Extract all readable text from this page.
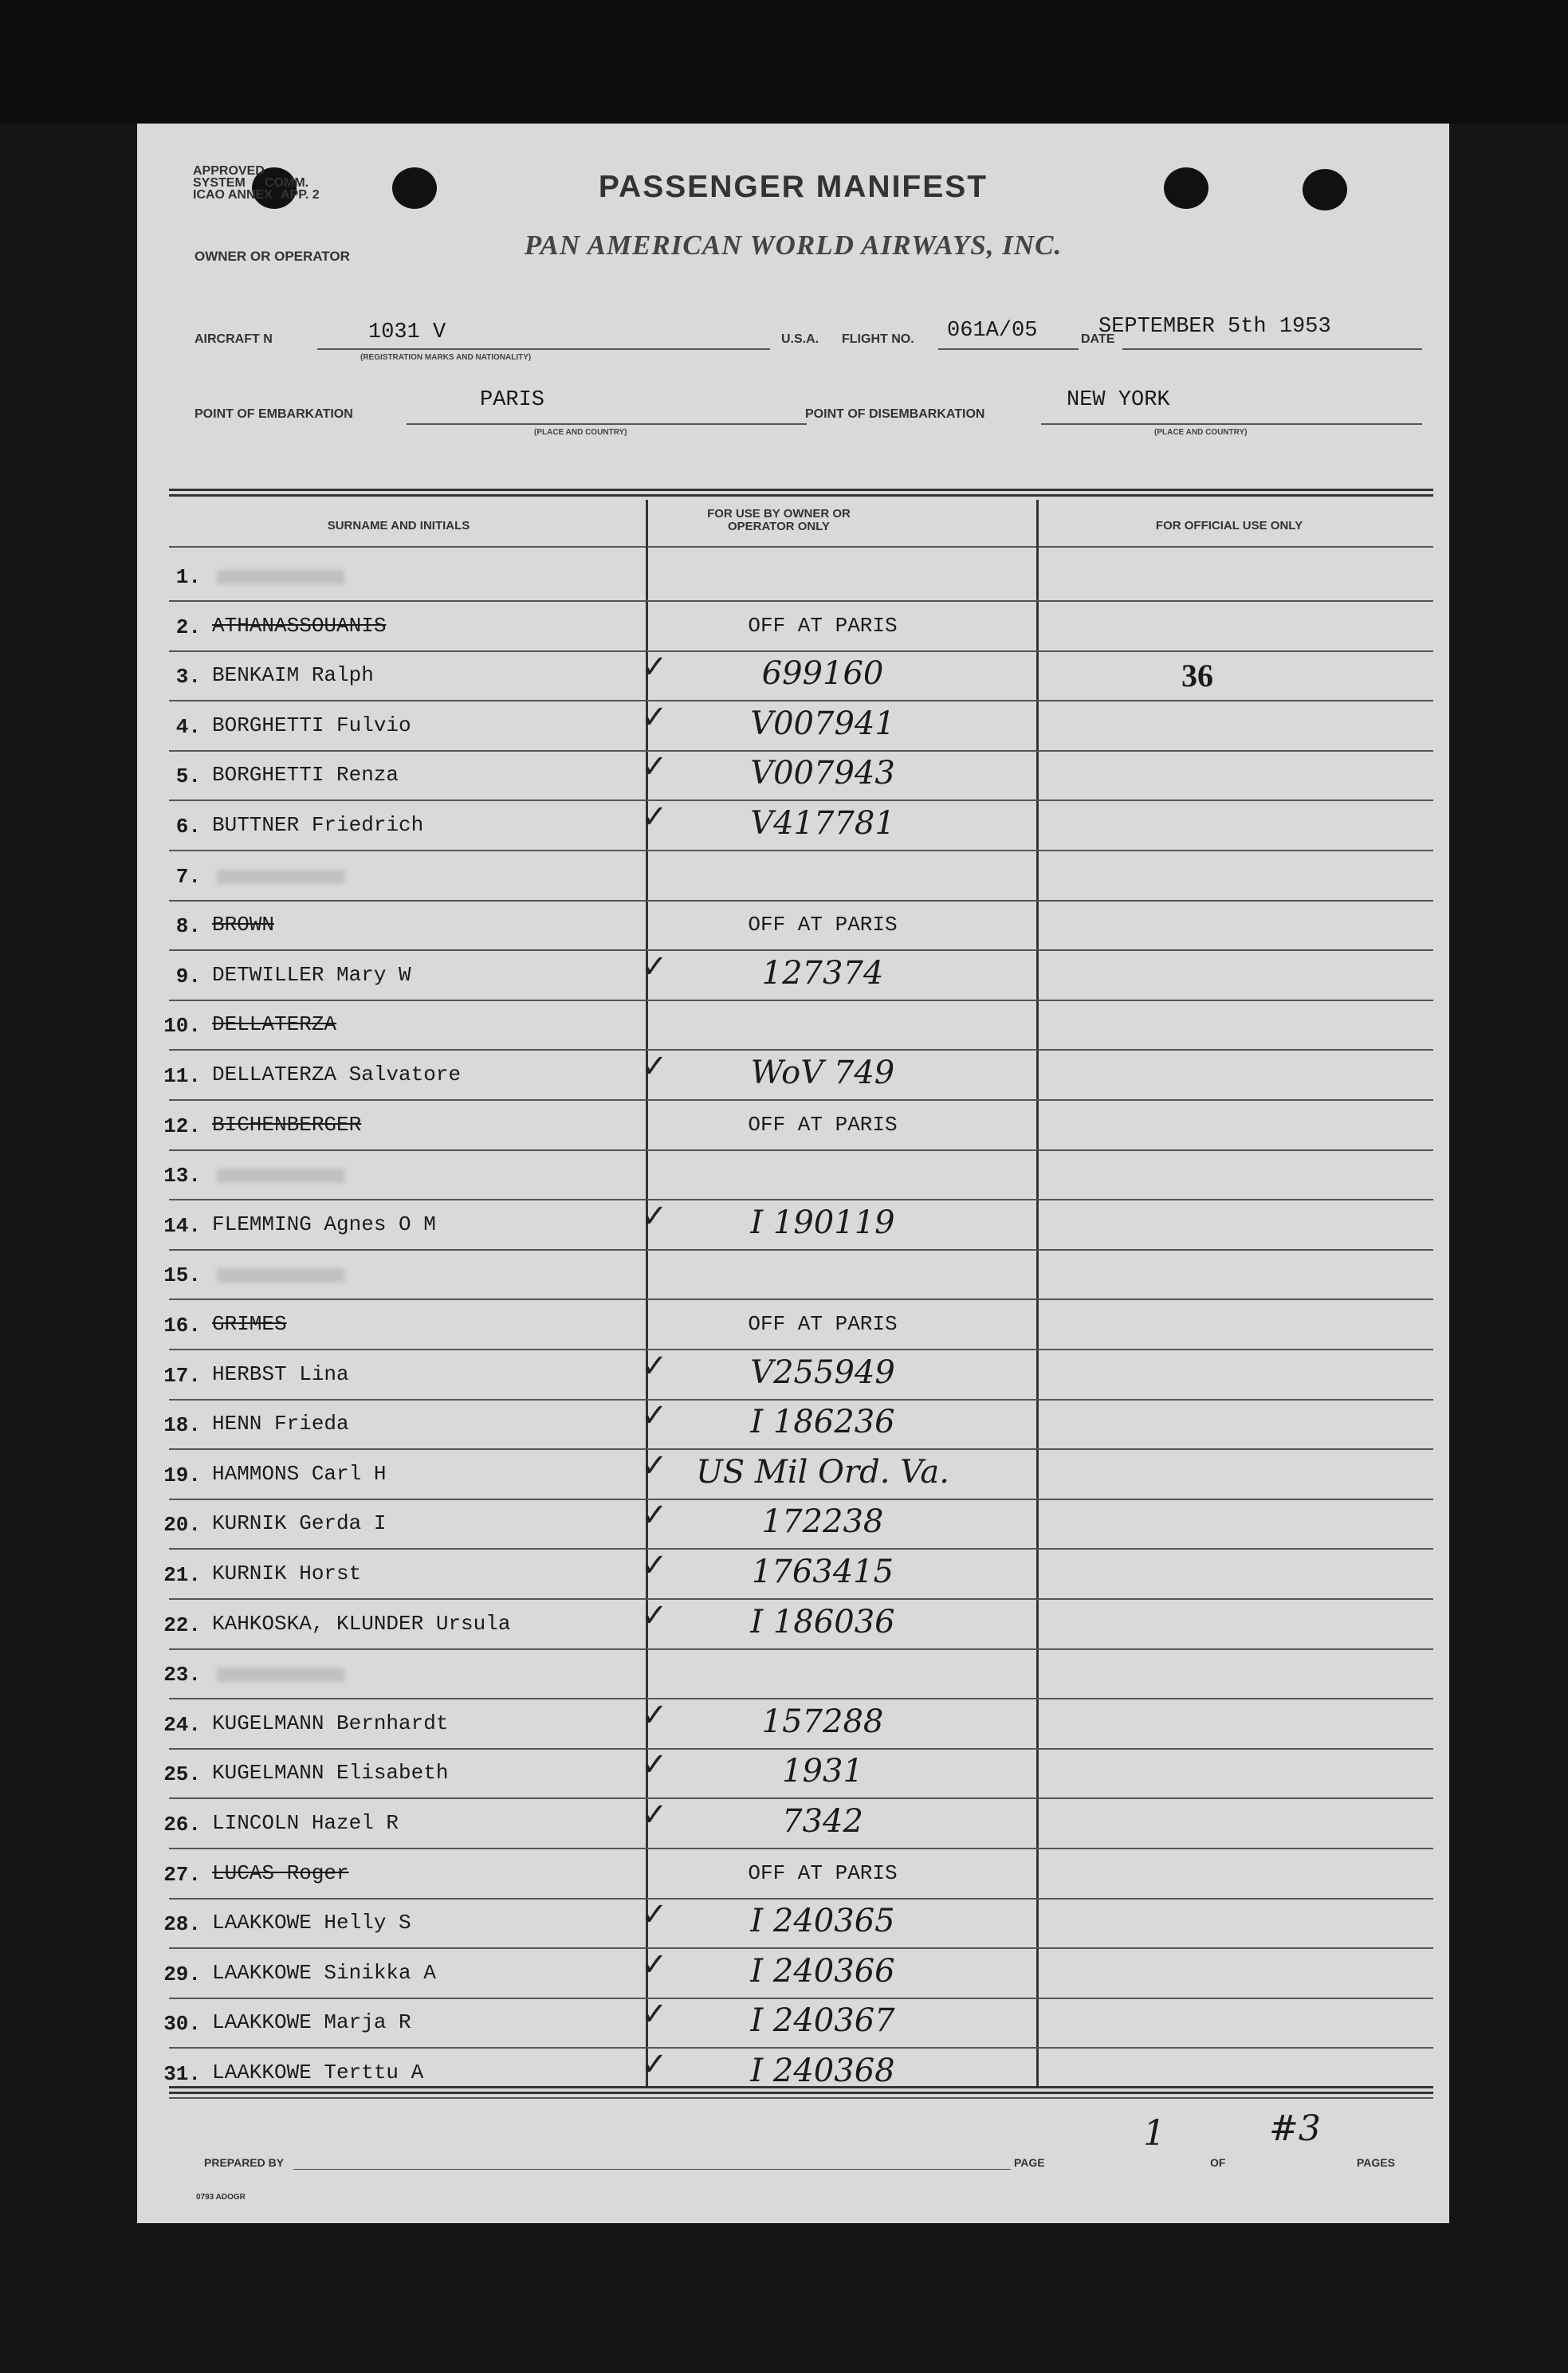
APPROVED
SYSTEM	COMM.
ICAO ANNEX APP. 2
OWNER OR OPERATOR
PASSENGER MANIFEST
PAN AMERICAN WORLD AIRWAYS, INC.
AIRCRAFT N	1031 V
(REGISTRATION MARKS AND NATIONALITY)
U.S.A. FLIGHT NO. 061A/05	DATE
SEPTEMBER 5th 1953
POINT OF EMBARKATION
PARIS
(PLACE AND COUNTRY)
POINT OF DISEMBARKATION
NEW YORK
(PLACE AND COUNTRY)
SURNAME AND INITIALS
FOR USE BY OWNER OR OPERATOR ONLY	FOR OFFICIAL USE ONLY
1.
2. ATHANASSOUANIS	OFF AT PARIS
3. BENKAIM Ralph	✓	699160	36
4. BORGHETTI Fulvio	✓	V007941
5. BORGHETTI Renza	✓	V007943
6. BUTTNER Friedrich	✓	V417781
7.
8. BROWN	OFF AT PARIS
9. DETWILLER Mary W	✓	127374
10. DELLATERZA
11. DELLATERZA Salvatore	✓	WoV 749
12. BICHENBERGER	OFF AT PARIS
13.
14. FLEMMING Agnes O M	✓	I 190119
15.
16. GRIMES	OFF AT PARIS
17. HERBST Lina	✓	V255949
18. HENN Frieda	✓	I 186236
19. HAMMONS Carl H	✓ US Mil Ord. Va.
20. KURNIK Gerda I	✓	172238
21. KURNIK Horst	✓	1763415
22. KAHKOSKA, KLUNDER Ursula	✓	I 186036
23.
24. KUGELMANN Bernhardt	✓	157288
25. KUGELMANN Elisabeth	✓	1931
26. LINCOLN Hazel R	✓	7342
27. LUCAS Roger	OFF AT PARIS
28. LAAKKOWE Helly S	✓	I 240365
29. LAAKKOWE Sinikka A	✓	I 240366
30. LAAKKOWE Marja R	✓	I 240367
31. LAAKKOWE Terttu A	✓	I 240368
PREPARED BY	PAGE
1
OF
#3
PAGES
0793 ADOGR
